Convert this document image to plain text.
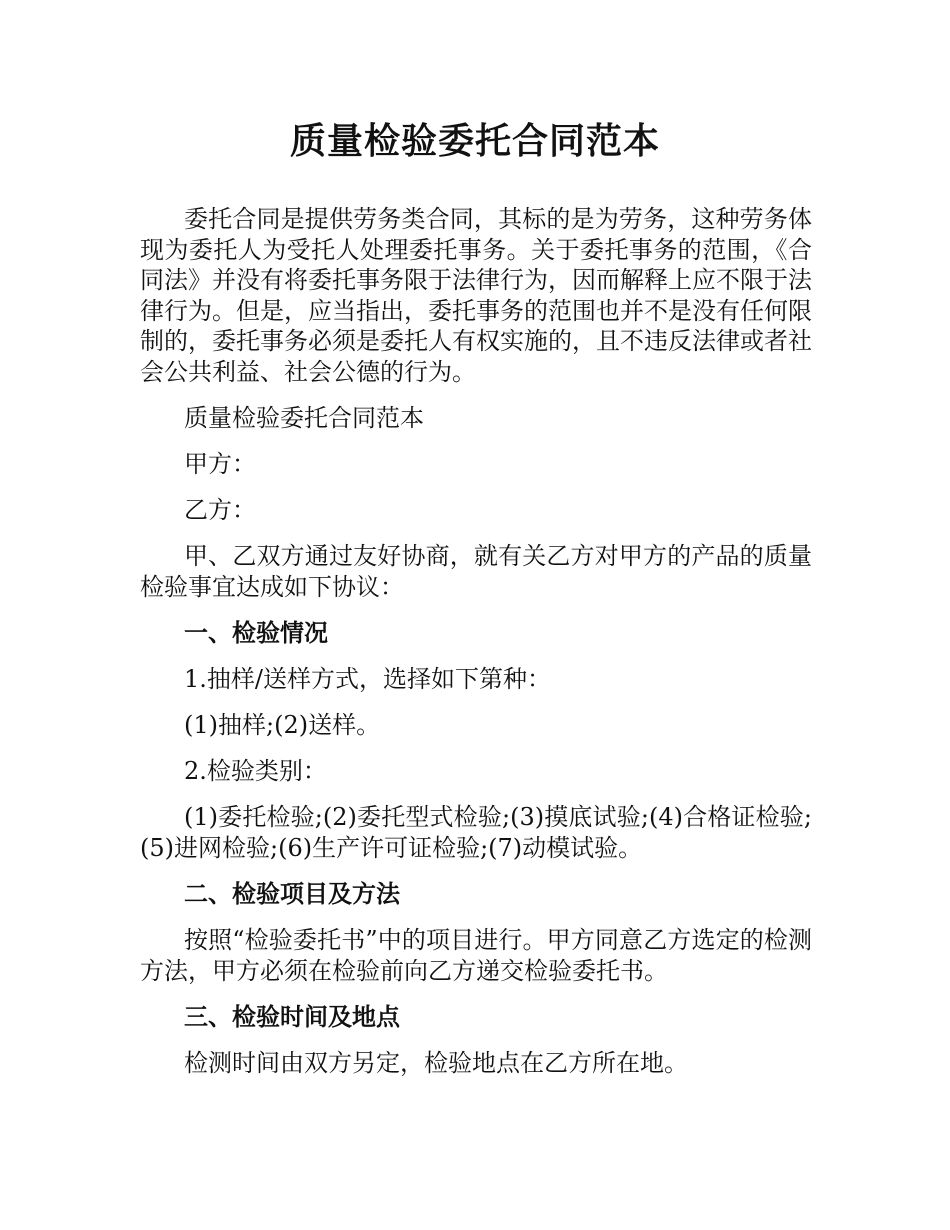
质量检验委托合同范本

委托合同是提供劳务类合同，其标的是为劳务，这种劳务体现为委托人为受托人处理委托事务。关于委托事务的范围，《合同法》并没有将委托事务限于法律行为，因而解释上应不限于法律行为。但是，应当指出，委托事务的范围也并不是没有任何限制的，委托事务必须是委托人有权实施的，且不违反法律或者社会公共利益、社会公德的行为。

质量检验委托合同范本

甲方：

乙方：

甲、乙双方通过友好协商，就有关乙方对甲方的产品的质量检验事宜达成如下协议：

一、检验情况

1.抽样/送样方式，选择如下第种：

(1)抽样;(2)送样。

2.检验类别：

(1)委托检验;(2)委托型式检验;(3)摸底试验;(4)合格证检验;(5)进网检验;(6)生产许可证检验;(7)动模试验。

二、检验项目及方法

按照“检验委托书”中的项目进行。甲方同意乙方选定的检测方法，甲方必须在检验前向乙方递交检验委托书。

三、检验时间及地点

检测时间由双方另定，检验地点在乙方所在地。
